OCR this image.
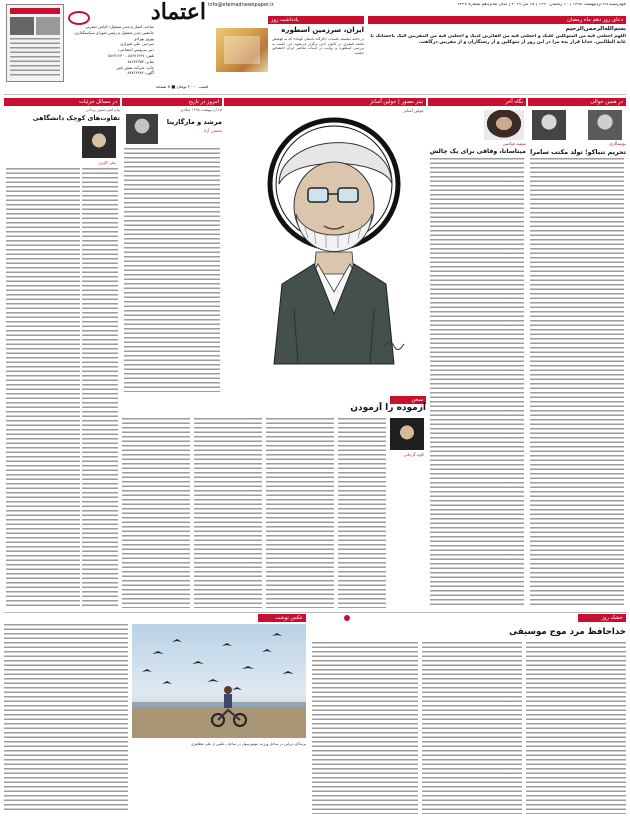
چهارشنبه ۲۵ اردیبهشت ۱۳۹۸ | ۱۰ رمضان ۱۴۴۰ | ۱۵ می ۲۰۱۹ | سال شانزدهم شماره ۴۳۲۷
info@etemadnewspaper.ir
صاحب امتیاز و مدیر مسئول: الیاس حضرتی
جانشین مدیر مسئول و رئیس شورای سیاستگذاری: بهروز بهزادی
سردبیر: علی شیرازی
دبیر سرویس اجتماعی:
تلفن: ۸۸۶۷۱۲۴۷ - ۸۸۶۷۱۲۳۰
نمابر: ۸۸۶۷۲۳۵۳
چاپ: شرکت نقش یاس
آگهی: ۸۸۷۲۴۴۸۴
اعتماد
قیمت ۲۰۰۰ تومان ■ ۸ صفحه
یادداشت روز
ایران، سرزمین اسطوره
در ادامه سلسله جلسات «کارگاه داستان کوتاه» که به کوشش محمد قیصری در کانون ادبی برگزار می‌شود، این جلسه به بررسی اسطوره و روایت در ادبیات معاصر ایران اختصاص داشت.
دعای روز دهم ماه رمضان
بسم‌الله‌الرحمن‌الرحیم
اللهم اجعلنی فیه من المتوکلین علیک و اجعلنی فیه من الفائزین لدیک و اجعلنی فیه من المقربین الیک باحسانک یا غایة الطالبین. خدایا قرار بده مرا در این روز از متوکلین و از رستگاران و از مقربین درگاهت.
در همین حوالی
نوستالژی
تحریم تنباکو؛ تولد مکتب سامرا
نگاه آخر
سمیه فیاضی
میتاساتا، وفاقی برای یک چالش
تیتر مصور | جولین آسانژ
جولین آسانژ
امروز در تاریخ
۲۵ اردیبهشت ۱۳۹۸ میلادی
مرشد و مارگاریتا
محسن آزاد
در مسائل جزئیات
پیام امیرحسین یزدانی
تفاوت‌های کوچک دانشگاهی
علی اکبری
سخن
آزموده را آزمودن
کاوه گرجانی
عکس نوشت
پرندگان دریایی در ساحل ورزنه، موتورسوار در ساحل، عکس از علی مظاهری
خشک روز
خداحافظ مرد موج موسیقی
